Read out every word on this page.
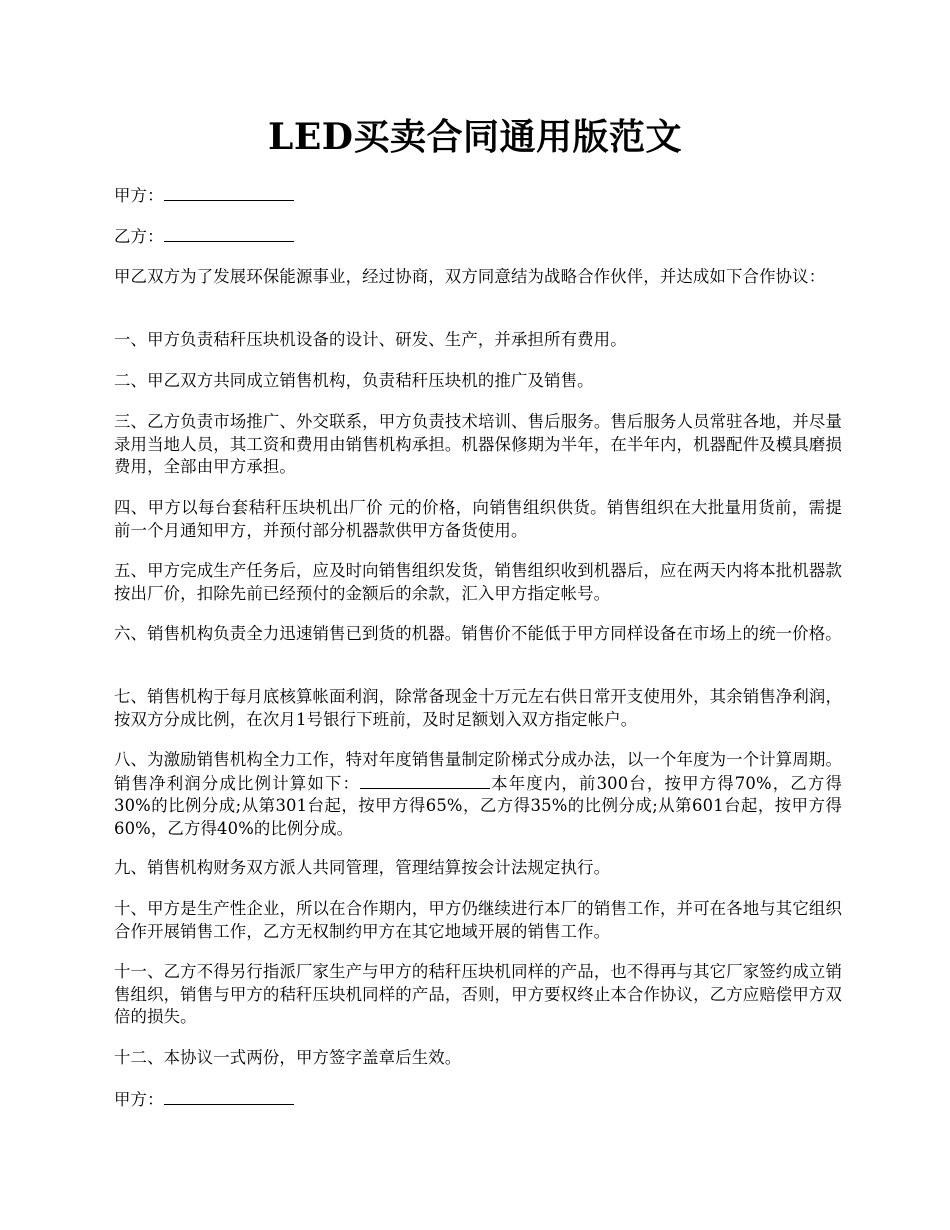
LED买卖合同通用版范文

甲方：

乙方：

甲乙双方为了发展环保能源事业，经过协商，双方同意结为战略合作伙伴，并达成如下合作协议：

一、甲方负责秸秆压块机设备的设计、研发、生产，并承担所有费用。

二、甲乙双方共同成立销售机构，负责秸秆压块机的推广及销售。

三、乙方负责市场推广、外交联系，甲方负责技术培训、售后服务。售后服务人员常驻各地，并尽量录用当地人员，其工资和费用由销售机构承担。机器保修期为半年，在半年内，机器配件及模具磨损费用，全部由甲方承担。

四、甲方以每台套秸秆压块机出厂价 元的价格，向销售组织供货。销售组织在大批量用货前，需提前一个月通知甲方，并预付部分机器款供甲方备货使用。

五、甲方完成生产任务后，应及时向销售组织发货，销售组织收到机器后，应在两天内将本批机器款按出厂价，扣除先前已经预付的金额后的余款，汇入甲方指定帐号。

六、销售机构负责全力迅速销售已到货的机器。销售价不能低于甲方同样设备在市场上的统一价格。

七、销售机构于每月底核算帐面利润，除常备现金十万元左右供日常开支使用外，其余销售净利润，按双方分成比例，在次月1号银行下班前，及时足额划入双方指定帐户。

八、为激励销售机构全力工作，特对年度销售量制定阶梯式分成办法，以一个年度为一个计算周期。销售净利润分成比例计算如下：	本年度内，前300台，按甲方得70%，乙方得30%的比例分成;从第301台起，按甲方得65%，乙方得35%的比例分成;从第601台起，按甲方得60%，乙方得40%的比例分成。

九、销售机构财务双方派人共同管理，管理结算按会计法规定执行。

十、甲方是生产性企业，所以在合作期内，甲方仍继续进行本厂的销售工作，并可在各地与其它组织合作开展销售工作，乙方无权制约甲方在其它地域开展的销售工作。

十一、乙方不得另行指派厂家生产与甲方的秸秆压块机同样的产品，也不得再与其它厂家签约成立销售组织，销售与甲方的秸秆压块机同样的产品，否则，甲方要权终止本合作协议，乙方应赔偿甲方双倍的损失。

十二、本协议一式两份，甲方签字盖章后生效。

甲方：
